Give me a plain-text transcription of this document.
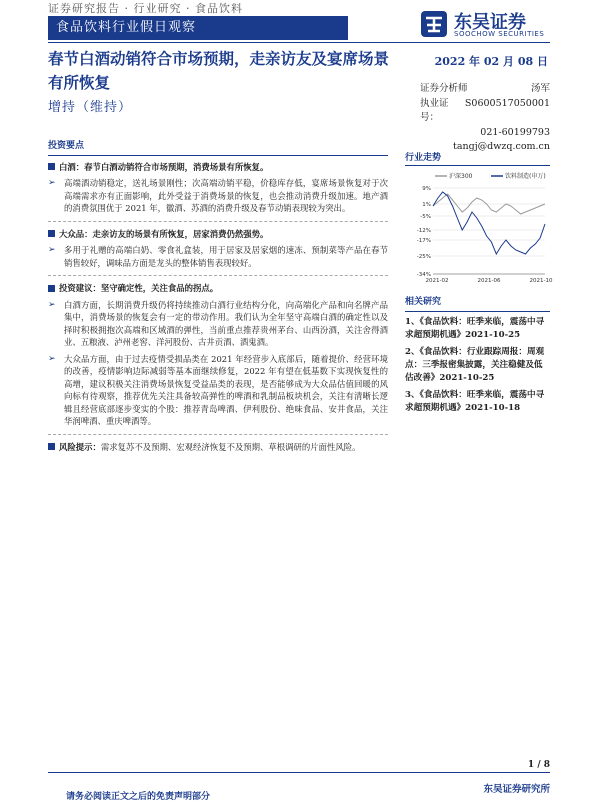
证券研究报告 · 行业研究 · 食品饮料
食品饮料行业假日观察	东吴证券
SOOCHOW SECURITIES
春节白酒动销符合市场预期，走亲访友及宴席场景有所恢复
增持（维持）
2022 年 02 月 08 日
证券分析师	汤军
执业证号：
S0600517050001
021-60199793
tangj@dwzq.com.cn
投资要点
白酒：春节白酒动销符合市场预期，消费场景有所恢复。
➢ 高端酒动销稳定，送礼场景刚性；次高端动销平稳，价稳库存低，宴席场景恢复对于次高端需求亦有正面影响，此外受益于消费场景的恢复，也会推动消费升级加速。地产酒的消费氛围优于 2021 年，徽酒、苏酒的消费升级及春节动销表现较为突出。
大众品：走亲访友的场景有所恢复，居家消费仍然强势。
➢ 多用于礼赠的高端白奶、零食礼盒装，用于居家及居家烟的速冻、预制菜等产品在春节销售较好，调味品方面是龙头的整体销售表现较好。
投资建议：坚守确定性，关注食品的拐点。
➢ 白酒方面，长期消费升级仍将持续推动白酒行业结构分化，向高端化产品和向名牌产品集中，消费场景的恢复会有一定的带动作用。我们认为全年坚守高端白酒的确定性以及择时积极拥抱次高端和区域酒的弹性，当前重点推荐贵州茅台、山西汾酒，关注舍得酒业、五粮液、泸州老窖、洋河股份、古井贡酒、酒鬼酒。
➢ 大众品方面，由于过去疫情受损品类在 2021 年经营步入底部后，随着提价、经营环境的改善，疫情影响边际减弱等基本面继续修复，2022 年有望在低基数下实现恢复性的高增，建议积极关注消费场景恢复受益品类的表现，是否能够成为大众品估值回暖的风向标有待观察，推荐优先关注具备较高弹性的啤酒和乳制品板块机会，关注有清晰长逻辑且经营底部逐步变实的个股：推荐青岛啤酒、伊利股份、绝味食品、安井食品，关注华润啤酒、重庆啤酒等。
风险提示：需求复苏不及预期、宏观经济恢复不及预期、草根调研的片面性风险。
行业走势
沪深300	饮料制造(申万)
9%
1%
-5%
-12%
-17%
-25%
-34%
2021-02	2021-06	2021-10
相关研究

1、《食品饮料：旺季来临，震荡中寻求超预期机遇》2021-10-25

2、《食品饮料：行业跟踪周报：周观点：三季报密集披露，关注稳健及低估改善》2021-10-25

3、《食品饮料：旺季来临，震荡中寻求超预期机遇》2021-10-18

1 / 8
东吴证券研究所
请务必阅读正文之后的免责声明部分
